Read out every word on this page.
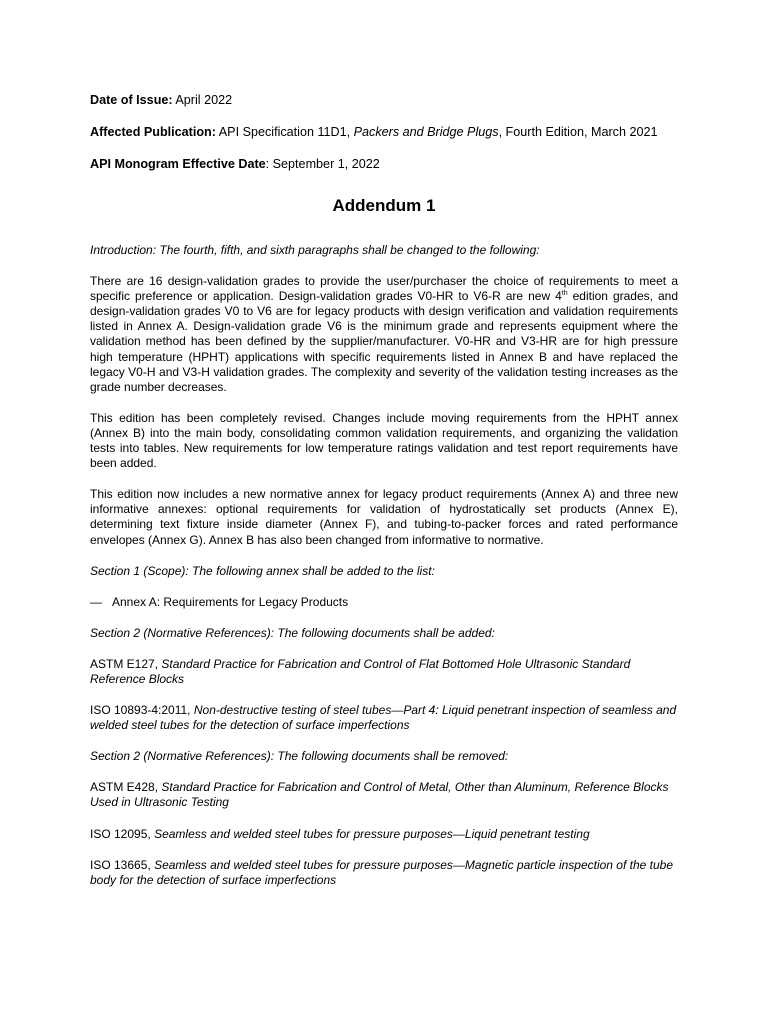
Date of Issue: April 2022
Affected Publication: API Specification 11D1, Packers and Bridge Plugs, Fourth Edition, March 2021
API Monogram Effective Date: September 1, 2022
Addendum 1

Introduction: The fourth, fifth, and sixth paragraphs shall be changed to the following:

There are 16 design-validation grades to provide the user/purchaser the choice of requirements to meet a specific preference or application. Design-validation grades V0-HR to V6-R are new 4th edition grades, and design-validation grades V0 to V6 are for legacy products with design verification and validation requirements listed in Annex A. Design-validation grade V6 is the minimum grade and represents equipment where the validation method has been defined by the supplier/manufacturer. V0-HR and V3-HR are for high pressure high temperature (HPHT) applications with specific requirements listed in Annex B and have replaced the legacy V0-H and V3-H validation grades. The complexity and severity of the validation testing increases as the grade number decreases.

This edition has been completely revised. Changes include moving requirements from the HPHT annex (Annex B) into the main body, consolidating common validation requirements, and organizing the validation tests into tables. New requirements for low temperature ratings validation and test report requirements have been added.

This edition now includes a new normative annex for legacy product requirements (Annex A) and three new informative annexes: optional requirements for validation of hydrostatically set products (Annex E), determining text fixture inside diameter (Annex F), and tubing-to-packer forces and rated performance envelopes (Annex G). Annex B has also been changed from informative to normative.

Section 1 (Scope): The following annex shall be added to the list:

— Annex A: Requirements for Legacy Products

Section 2 (Normative References): The following documents shall be added:

ASTM E127, Standard Practice for Fabrication and Control of Flat Bottomed Hole Ultrasonic Standard Reference Blocks

ISO 10893-4:2011, Non-destructive testing of steel tubes—Part 4: Liquid penetrant inspection of seamless and welded steel tubes for the detection of surface imperfections

Section 2 (Normative References): The following documents shall be removed:

ASTM E428, Standard Practice for Fabrication and Control of Metal, Other than Aluminum, Reference Blocks Used in Ultrasonic Testing

ISO 12095, Seamless and welded steel tubes for pressure purposes—Liquid penetrant testing

ISO 13665, Seamless and welded steel tubes for pressure purposes—Magnetic particle inspection of the tube body for the detection of surface imperfections
